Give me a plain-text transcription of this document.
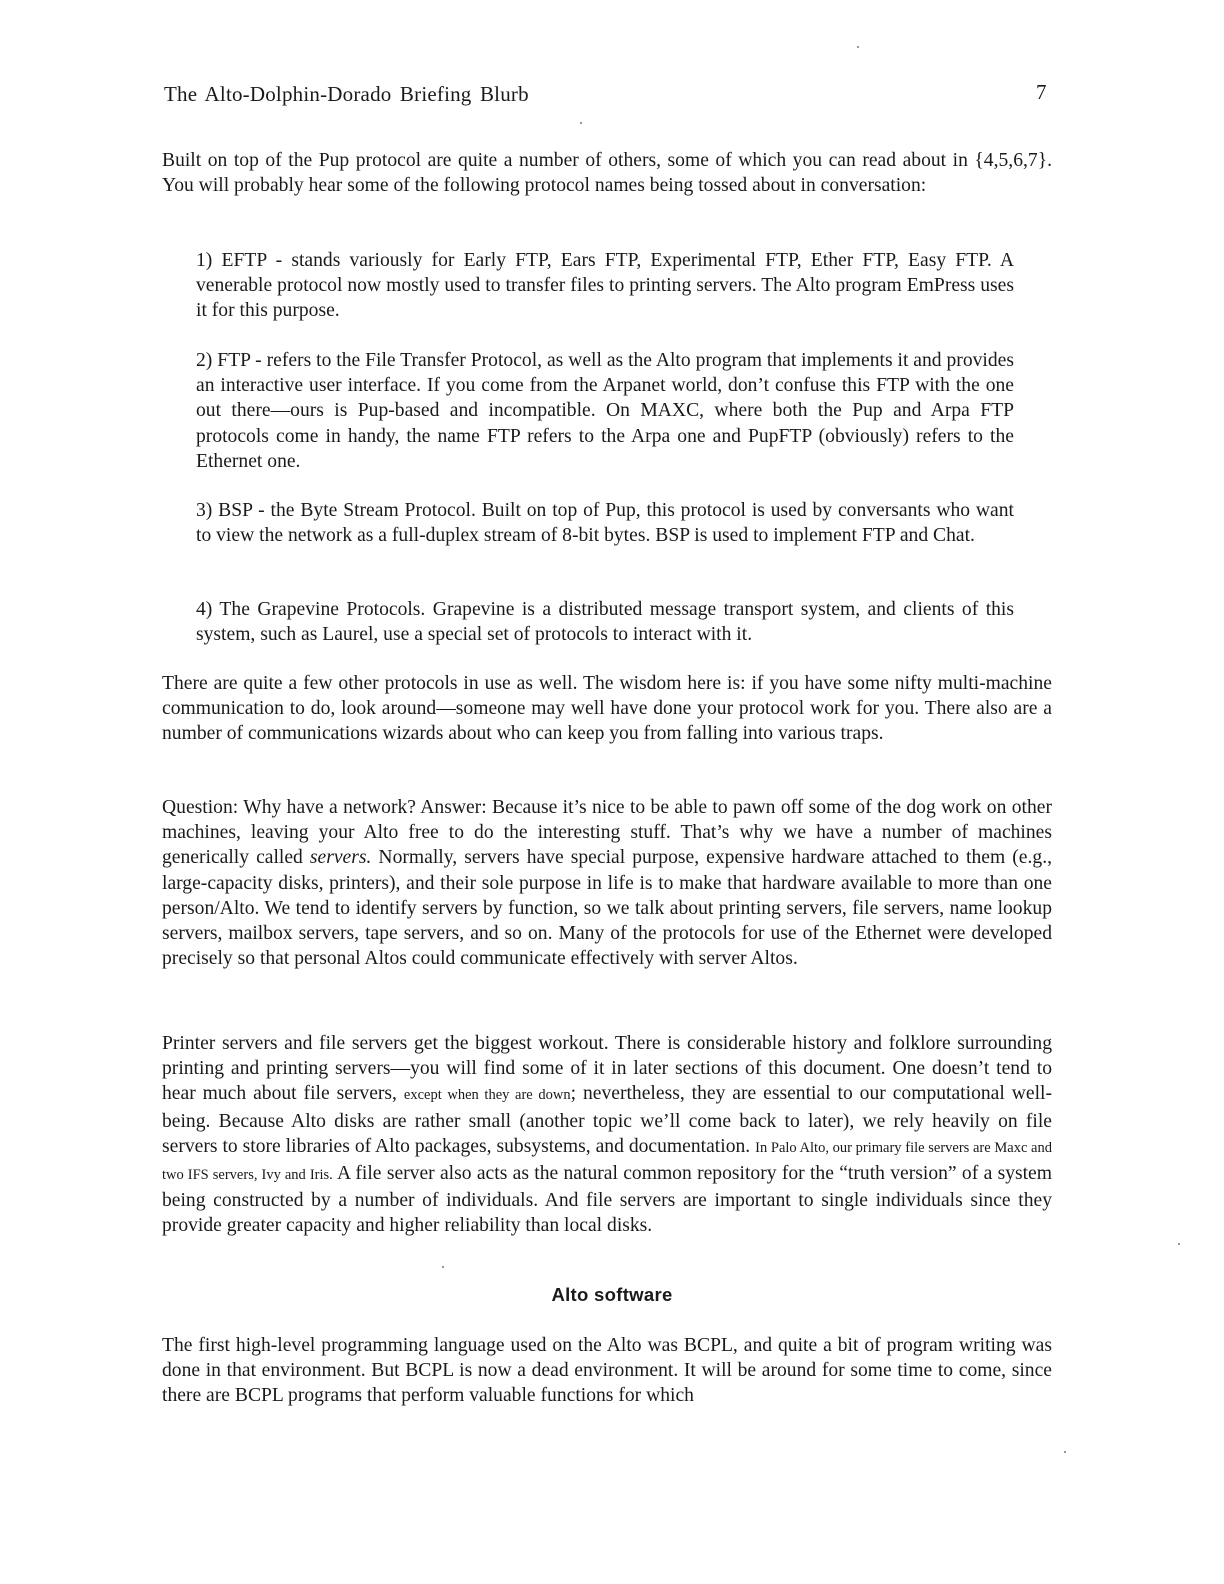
The Alto-Dolphin-Dorado Briefing Blurb	7

Built on top of the Pup protocol are quite a number of others, some of which you can read about in {4,5,6,7}. You will probably hear some of the following protocol names being tossed about in conversation:

1) EFTP - stands variously for Early FTP, Ears FTP, Experimental FTP, Ether FTP, Easy FTP. A venerable protocol now mostly used to transfer files to printing servers. The Alto program EmPress uses it for this purpose.

2) FTP - refers to the File Transfer Protocol, as well as the Alto program that implements it and provides an interactive user interface. If you come from the Arpanet world, don’t confuse this FTP with the one out there—ours is Pup-based and incompatible. On MAXC, where both the Pup and Arpa FTP protocols come in handy, the name FTP refers to the Arpa one and PupFTP (obviously) refers to the Ethernet one.

3) BSP - the Byte Stream Protocol. Built on top of Pup, this protocol is used by conversants who want to view the network as a full-duplex stream of 8-bit bytes. BSP is used to implement FTP and Chat.

4) The Grapevine Protocols. Grapevine is a distributed message transport system, and clients of this system, such as Laurel, use a special set of protocols to interact with it.

There are quite a few other protocols in use as well. The wisdom here is: if you have some nifty multi-machine communication to do, look around—someone may well have done your protocol work for you. There also are a number of communications wizards about who can keep you from falling into various traps.

Question: Why have a network? Answer: Because it’s nice to be able to pawn off some of the dog work on other machines, leaving your Alto free to do the interesting stuff. That’s why we have a number of machines generically called servers. Normally, servers have special purpose, expensive hardware attached to them (e.g., large-capacity disks, printers), and their sole purpose in life is to make that hardware available to more than one person/Alto. We tend to identify servers by function, so we talk about printing servers, file servers, name lookup servers, mailbox servers, tape servers, and so on. Many of the protocols for use of the Ethernet were developed precisely so that personal Altos could communicate effectively with server Altos.

Printer servers and file servers get the biggest workout. There is considerable history and folklore surrounding printing and printing servers—you will find some of it in later sections of this document. One doesn’t tend to hear much about file servers, except when they are down; nevertheless, they are essential to our computational well-being. Because Alto disks are rather small (another topic we’ll come back to later), we rely heavily on file servers to store libraries of Alto packages, subsystems, and documentation. In Palo Alto, our primary file servers are Maxc and two IFS servers, Ivy and Iris. A file server also acts as the natural common repository for the “truth version” of a system being constructed by a number of individuals. And file servers are important to single individuals since they provide greater capacity and higher reliability than local disks.

Alto software

The first high-level programming language used on the Alto was BCPL, and quite a bit of program writing was done in that environment. But BCPL is now a dead environment. It will be around for some time to come, since there are BCPL programs that perform valuable functions for which
